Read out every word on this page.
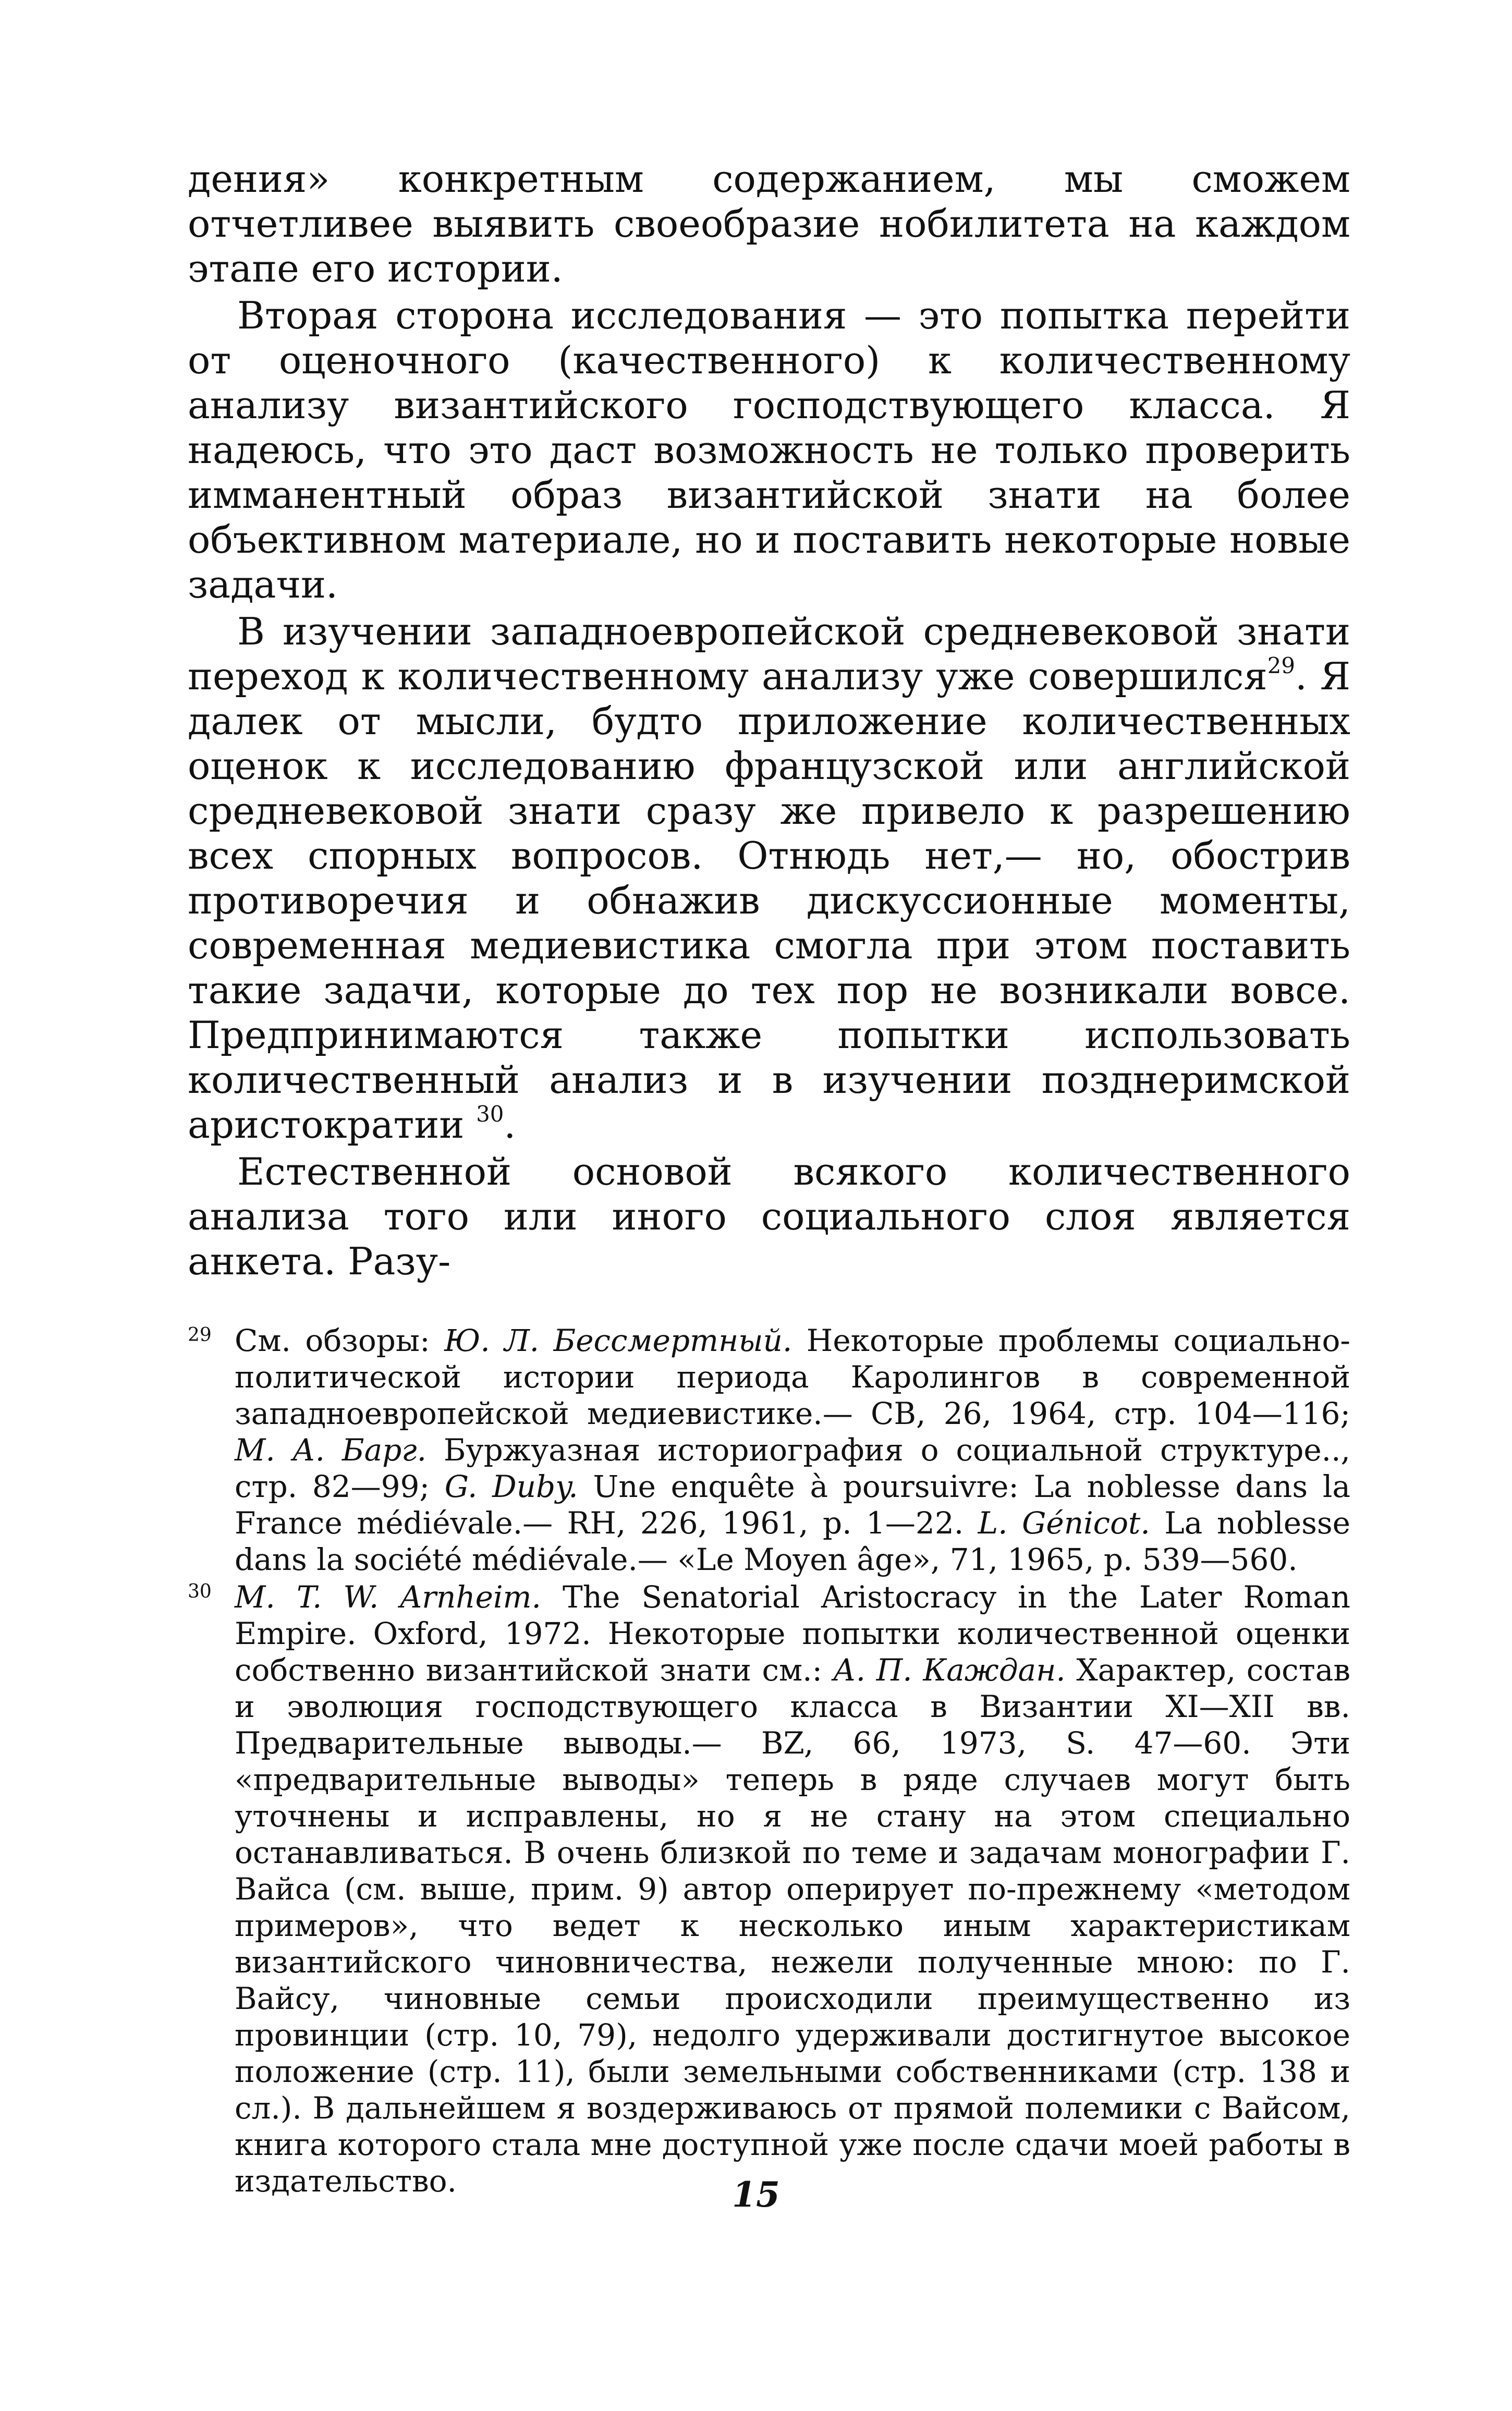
дения» конкретным содержанием, мы сможем отчетливее выявить своеобразие нобилитета на каждом этапе его истории.

Вторая сторона исследования — это попытка перейти от оценочного (качественного) к количественному анализу византийского господствующего класса. Я надеюсь, что это даст возможность не только проверить имманентный образ византийской знати на более объективном материале, но и поставить некоторые новые задачи.

В изучении западноевропейской средневековой знати переход к количественному анализу уже совершился$^{29}$. Я далек от мысли, будто приложение количественных оценок к исследованию французской или английской средневековой знати сразу же привело к разрешению всех спорных вопросов. Отнюдь нет,— но, обострив противоречия и обнажив дискуссионные моменты, современная медиевистика смогла при этом поставить такие задачи, которые до тех пор не возникали вовсе. Предпринимаются также попытки использовать количественный анализ и в изучении позднеримской аристократии $^{30}$.

Естественной основой всякого количественного анализа того или иного социального слоя является анкета. Разу-

29 См. обзоры: Ю. Л. Бессмертный. Некоторые проблемы социально-политической истории периода Каролингов в современной западноевропейской медиевистике.— СВ, 26, 1964, стр. 104—116; М. А. Барг. Буржуазная историография о социальной структуре.., стр. 82—99; G. Duby. Une enquête à poursuivre: La noblesse dans la France médiévale.— RH, 226, 1961, p. 1—22. L. Génicot. La noblesse dans la société médiévale.— «Le Moyen âge», 71, 1965, p. 539—560.

30 M. T. W. Arnheim. The Senatorial Aristocracy in the Later Roman Empire. Oxford, 1972. Некоторые попытки количественной оценки собственно византийской знати см.: А. П. Каждан. Характер, состав и эволюция господствующего класса в Византии XI—XII вв. Предварительные выводы.— BZ, 66, 1973, S. 47—60. Эти «предварительные выводы» теперь в ряде случаев могут быть уточнены и исправлены, но я не стану на этом специально останавливаться. В очень близкой по теме и задачам монографии Г. Вайса (см. выше, прим. 9) автор оперирует по-прежнему «методом примеров», что ведет к несколько иным характеристикам византийского чиновничества, нежели полученные мною: по Г. Вайсу, чиновные семьи происходили преимущественно из провинции (стр. 10, 79), недолго удерживали достигнутое высокое положение (стр. 11), были земельными собственниками (стр. 138 и сл.). В дальнейшем я воздерживаюсь от прямой полемики с Вайсом, книга которого стала мне доступной уже после сдачи моей работы в издательство.	15
